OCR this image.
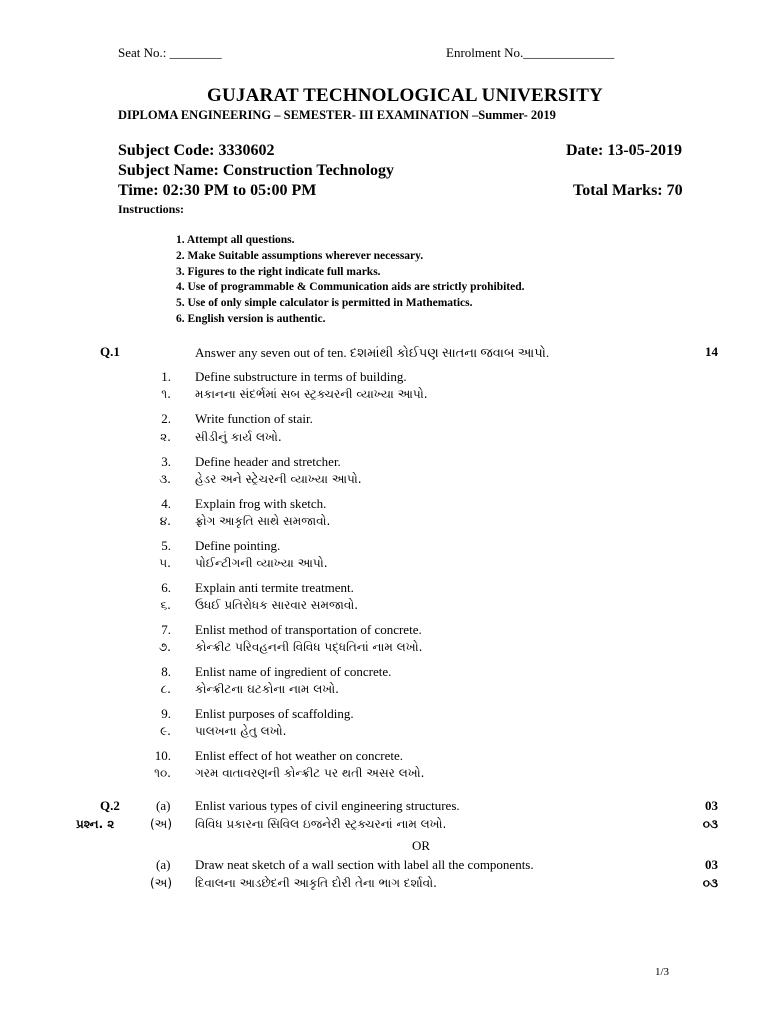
Seat No.: ________	Enrolment No.______________
GUJARAT TECHNOLOGICAL UNIVERSITY
DIPLOMA ENGINEERING – SEMESTER- III EXAMINATION –Summer- 2019
Subject Code: 3330602	Date: 13-05-2019
Subject Name: Construction Technology
Time: 02:30 PM to 05:00 PM	Total Marks: 70
Instructions:
1. Attempt all questions.
2. Make Suitable assumptions wherever necessary.
3. Figures to the right indicate full marks.
4. Use of programmable & Communication aids are strictly prohibited.
5. Use of only simple calculator is permitted in Mathematics.
6. English version is authentic.
Q.1	Answer any seven out of ten. દશમાંથી કોઈપણ સાતના જવાબ આપો.	14
1. Define substructure in terms of building.
૧. મકાનના સંદર્ભમાં સબ સ્ટ્રક્ચરની વ્યાખ્યા આપો.
2. Write function of stair.
૨. સીડીનું કાર્ય લખો.
3. Define header and stretcher.
૩. હેડર અને સ્ટ્રેચરની વ્યાખ્યા આપો.
4. Explain frog with sketch.
૪. ફ્રોગ આકૃતિ સાથે સમજાવો.
5. Define pointing.
૫. પોઈન્ટીગની વ્યાખ્યા આપો.
6. Explain anti termite treatment.
૬. ઉધઈ પ્રતિરોધક સારવાર સમજાવો.
7. Enlist method of transportation of concrete.
૭. કોન્ક્રીટ પરિવહનની વિવિધ પદ્ધતિનાં નામ લખો.
8. Enlist name of ingredient of concrete.
૮. કોન્ક્રીટના ઘટકોના નામ લખો.
9. Enlist purposes of scaffolding.
૯. પાલખના હેતુ લખો.
10. Enlist effect of hot weather on concrete.
૧૦. ગરમ વાતાવરણની કોન્ક્રીટ પર થતી અસર લખો.
Q.2	(a) Enlist various types of civil engineering structures.	03
પ્રશ્ન. ૨	(અ) વિવિધ પ્રકારના સિવિલ ઇજનેરી સ્ટ્રક્ચરનાં નામ લખો.	૦૩
OR
(a) Draw neat sketch of a wall section with label all the components.	03
(અ) દિવાલના આડછેદની આકૃતિ દોરી તેના ભાગ દર્શાવો.	૦૩
1/3
